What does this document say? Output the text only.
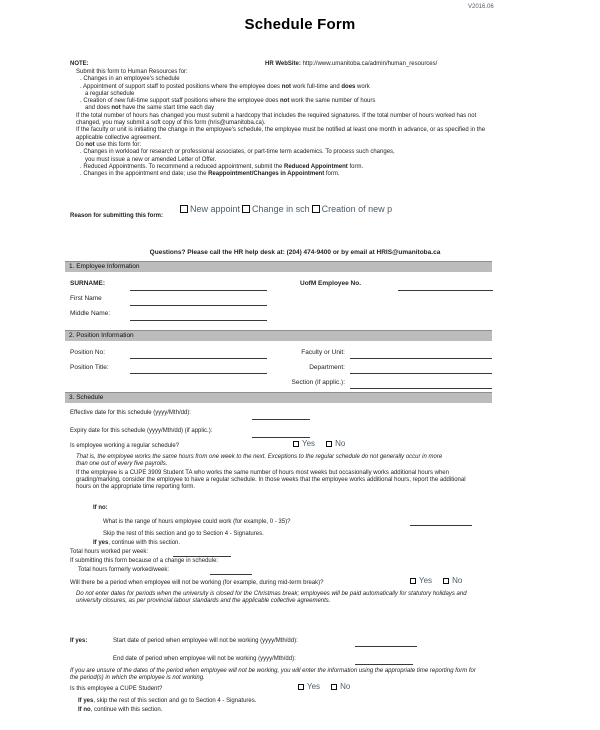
V2016.06
Schedule Form
NOTE:	HR WebSite: http://www.umanitoba.ca/admin/human_resources/
Submit this form to Human Resources for:
. Changes in an employee's schedule
. Appointment of support staff to posted positions where the employee does not work full-time and does work
a regular schedule
. Creation of new full-time support staff positions where the employee does not work the same number of hours
and does not have the same start time each day
If the total number of hours has changed you must submit a hardcopy that includes the required signatures. If the total number of hours worked has not
changed, you may submit a soft copy of this form (hris@umanitoba.ca).
If the faculty or unit is initiating the change in the employee's schedule, the employee must be notified at least one month in advance, or as specified in the
applicable collective agreement.
Do not use this form for:
. Changes in workload for research or professional associates, or part-time term academics. To process such changes,
you must issue a new or amended Letter of Offer.
. Reduced Appointments. To recommend a reduced appointment, submit the Reduced Appointment form.
. Changes in the appointment end date; use the Reappointment/Changes in Appointment form.
Reason for submitting this form:
New appoint Change in sch Creation of new p
Questions? Please call the HR help desk at: (204) 474-9400 or by email at HRIS@umanitoba.ca
1. Employee Information
SURNAME:	UofM Employee No.
First Name
Middle Name:
2. Position Information
Position No:	Faculty or Unit:
Position Title:	Department:
Section (if applic.):
3. Schedule
Effective date for this schedule (yyyy/Mth/dd):
Expiry date for this schedule (yyyy/Mth/dd) (if applic.):
Is employee working a regular schedule?	Yes	No
That is, the employee works the same hours from one week to the next. Exceptions to the regular schedule do not generally occur in more
than one out of every five payrolls.
If the employee is a CUPE 3909 Student TA who works the same number of hours most weeks but occasionally works additional hours when
grading/marking, consider the employee to have a regular schedule. In those weeks that the employee works additional hours, report the additional
hours on the appropriate time reporting form.
If no:
What is the range of hours employee could work (for example, 0 - 35)?
Skip the rest of this section and go to Section 4 - Signatures.
If yes, continue with this section.
Total hours worked per week:
If submitting this form because of a change in schedule:
Total hours formerly worked/week:
Will there be a period when employee will not be working (for example, during mid-term break)?	Yes	No
Do not enter dates for periods when the university is closed for the Christmas break; employees will be paid automatically for statutory holidays and
university closures, as per provincial labour standards and the applicable collective agreements.
If yes:	Start date of period when employee will not be working (yyyy/Mth/dd):
End date of period when employee will not be working (yyyy/Mth/dd):
If you are unsure of the dates of the period when employee will not be working, you will enter the information using the appropriate time reporting form for
the period(s) in which the employee is not working.
Is this employee a CUPE Student?	Yes	No
If yes, skip the rest of this section and go to Section 4 - Signatures.
If no, continue with this section.
